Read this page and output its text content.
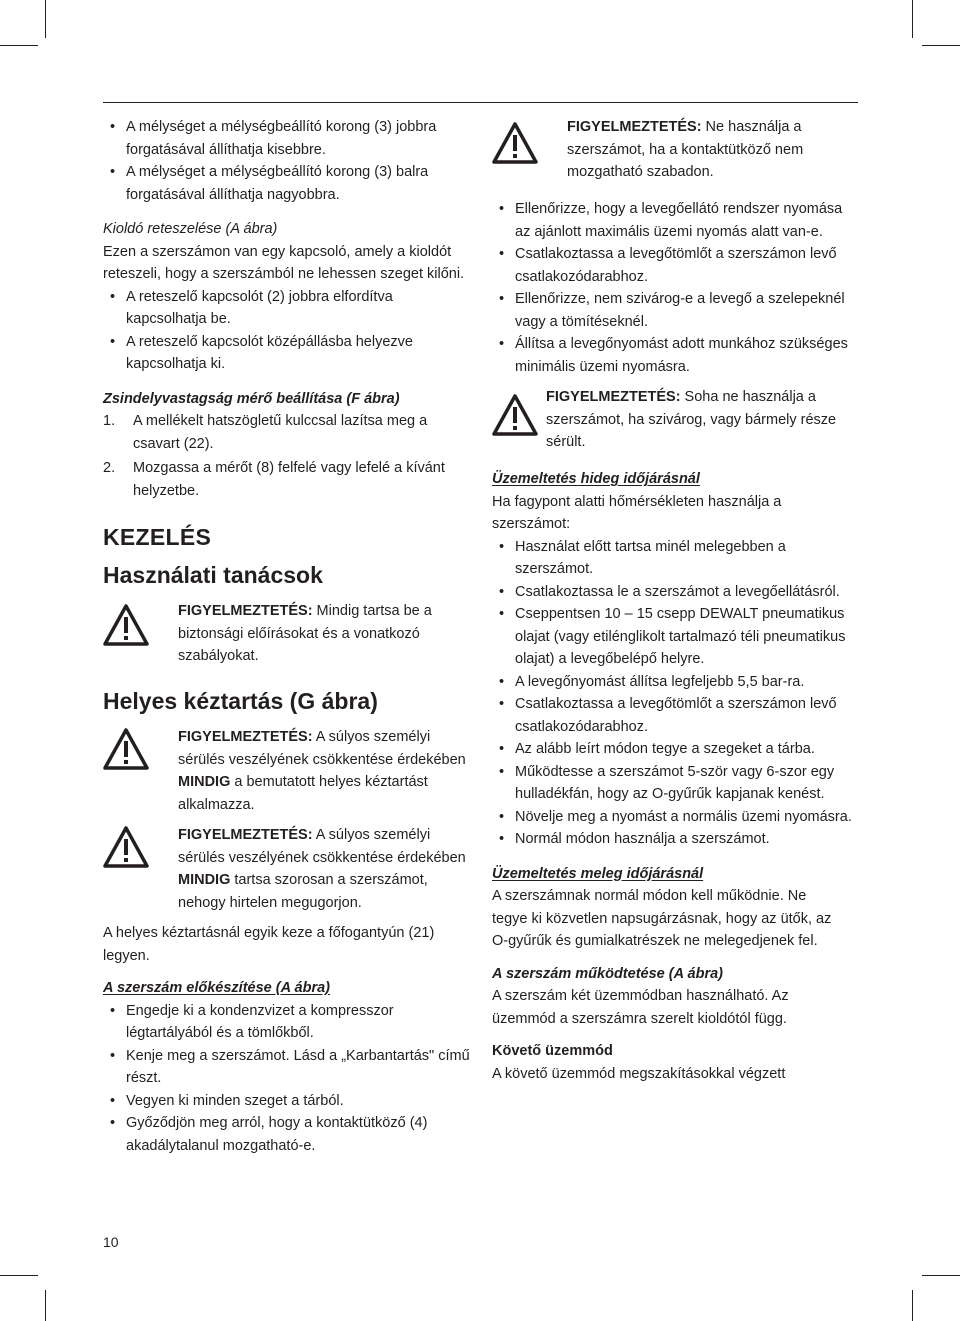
• A mélységet a mélységbeállító korong (3) jobbra forgatásával állíthatja kisebbre.
• A mélységet a mélységbeállító korong (3) balra forgatásával állíthatja nagyobbra.

Kioldó reteszelése (A ábra)

Ezen a szerszámon van egy kapcsoló, amely a kioldót reteszeli, hogy a szerszámból ne lehessen szeget kilőni.

• A reteszelő kapcsolót (2) jobbra elfordítva kapcsolhatja be.
• A reteszelő kapcsolót középállásba helyezve kapcsolhatja ki.

Zsindelyvastagság mérő beállítása (F ábra)

1. A mellékelt hatszögletű kulccsal lazítsa meg a csavart (22).
2. Mozgassa a mérőt (8) felfelé vagy lefelé a kívánt helyzetbe.

KEZELÉS

Használati tanácsok

FIGYELMEZTETÉS: Mindig tartsa be a biztonsági előírásokat és a vonatkozó szabályokat.

Helyes kéztartás (G ábra)

FIGYELMEZTETÉS: A súlyos személyi sérülés veszélyének csökkentése érdekében MINDIG a bemutatott helyes kéztartást alkalmazza.
FIGYELMEZTETÉS: A súlyos személyi sérülés veszélyének csökkentése érdekében MINDIG tartsa szorosan a szerszámot, nehogy hirtelen megugorjon.

A helyes kéztartásnál egyik keze a főfogantyún (21) legyen.

A szerszám előkészítése (A ábra)

• Engedje ki a kondenzvizet a kompresszor légtartályából és a tömlőkből.
• Kenje meg a szerszámot. Lásd a „Karbantartás" című részt.
• Vegyen ki minden szeget a tárból.
• Győződjön meg arról, hogy a kontaktütköző (4) akadálytalanul mozgatható-e.
FIGYELMEZTETÉS: Ne használja a szerszámot, ha a kontaktütköző nem mozgatható szabadon.
• Ellenőrizze, hogy a levegőellátó rendszer nyomása az ajánlott maximális üzemi nyomás alatt van-e.
• Csatlakoztassa a levegőtömlőt a szerszámon levő csatlakozódarabhoz.
• Ellenőrizze, nem szivárog-e a levegő a szelepeknél vagy a tömítéseknél.
• Állítsa a levegőnyomást adott munkához szükséges minimális üzemi nyomásra.
FIGYELMEZTETÉS: Soha ne használja a szerszámot, ha szivárog, vagy bármely része sérült.

Üzemeltetés hideg időjárásnál

Ha fagypont alatti hőmérsékleten használja a szerszámot:

• Használat előtt tartsa minél melegebben a szerszámot.
• Csatlakoztassa le a szerszámot a levegőellátásról.
• Cseppentsen 10 – 15 csepp DEWALT pneumatikus olajat (vagy etilénglikolt tartalmazó téli pneumatikus olajat) a levegőbelépő helyre.
• A levegőnyomást állítsa legfeljebb 5,5 bar-ra.
• Csatlakoztassa a levegőtömlőt a szerszámon levő csatlakozódarabhoz.
• Az alább leírt módon tegye a szegeket a tárba.
• Működtesse a szerszámot 5-ször vagy 6-szor egy hulladékfán, hogy az O-gyűrűk kapjanak kenést.
• Növelje meg a nyomást a normális üzemi nyomásra.
• Normál módon használja a szerszámot.

Üzemeltetés meleg időjárásnál

A szerszámnak normál módon kell működnie. Ne tegye ki közvetlen napsugárzásnak, hogy az ütők, az O-gyűrűk és gumialkatrészek ne melegedjenek fel.

A szerszám működtetése (A ábra)

A szerszám két üzemmódban használható. Az üzemmód a szerszámra szerelt kioldótól függ.

Követő üzemmód

A követő üzemmód megszakításokkal végzett

10
